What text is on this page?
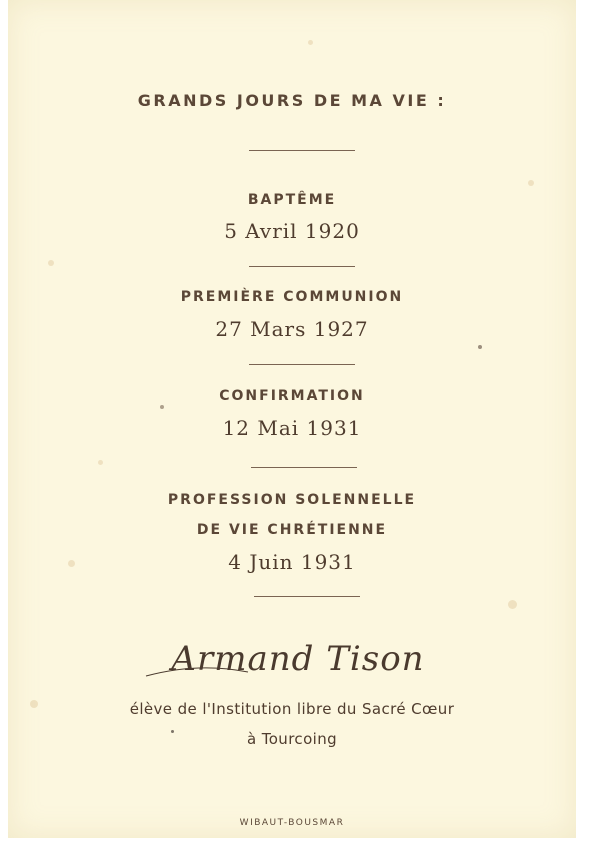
GRANDS JOURS DE MA VIE :
BAPTÊME
5 Avril 1920
PREMIÈRE COMMUNION
27 Mars 1927
CONFIRMATION
12 Mai 1931
PROFESSION SOLENNELLE
DE VIE CHRÉTIENNE
4 Juin 1931
Armand Tison
élève de l'Institution libre du Sacré Cœur
à Tourcoing
WIBAUT-BOUSMAR
